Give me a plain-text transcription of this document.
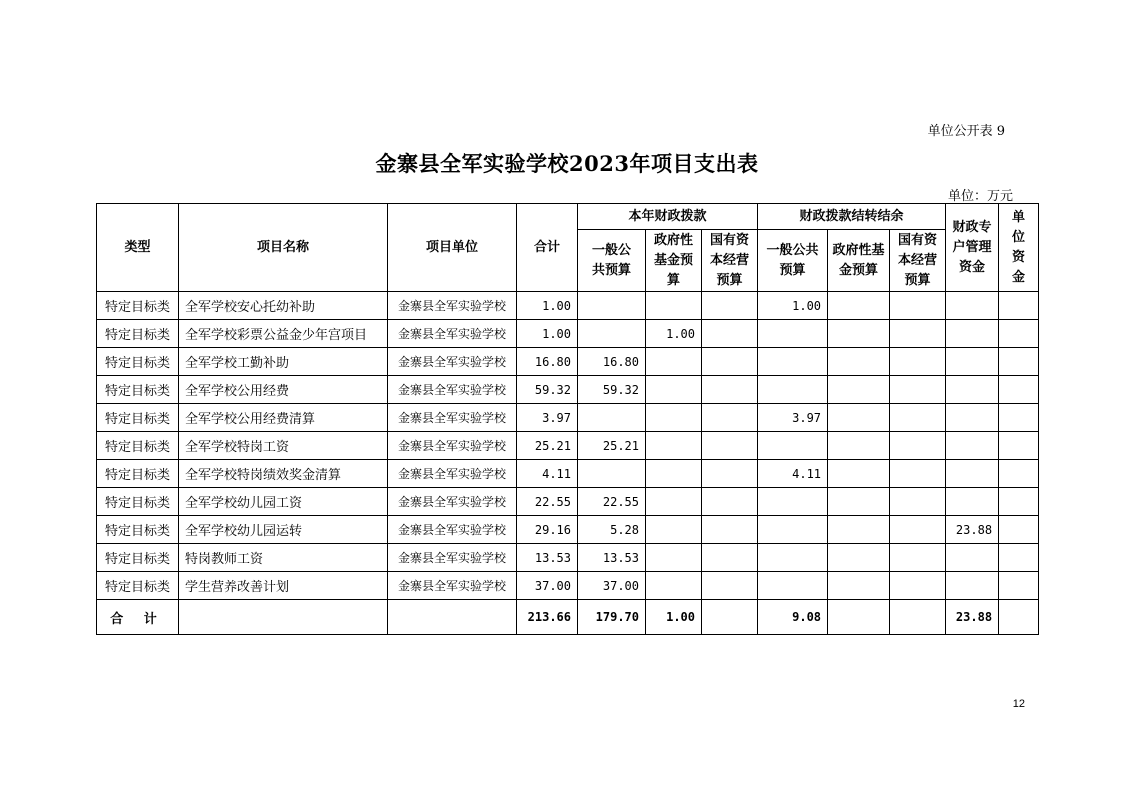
单位公开表 9
金寨县全军实验学校2023年项目支出表
单位：万元
类型	项目名称	项目单位	合计	本年财政拨款			财政拨款结转结余			财政专户管理资金	单位资金
				一般公共预算	政府性基金预算	国有资本经营预算	一般公共预算	政府性基金预算	国有资本经营预算		
特定目标类	全军学校安心托幼补助	金寨县全军实验学校	1.00				1.00				
特定目标类	全军学校彩票公益金少年宫项目	金寨县全军实验学校	1.00		1.00						
特定目标类	全军学校工勤补助	金寨县全军实验学校	16.80	16.80							
特定目标类	全军学校公用经费	金寨县全军实验学校	59.32	59.32							
特定目标类	全军学校公用经费清算	金寨县全军实验学校	3.97				3.97				
特定目标类	全军学校特岗工资	金寨县全军实验学校	25.21	25.21							
特定目标类	全军学校特岗绩效奖金清算	金寨县全军实验学校	4.11				4.11				
特定目标类	全军学校幼儿园工资	金寨县全军实验学校	22.55	22.55							
特定目标类	全军学校幼儿园运转	金寨县全军实验学校	29.16	5.28						23.88	
特定目标类	特岗教师工资	金寨县全军实验学校	13.53	13.53							
特定目标类	学生营养改善计划	金寨县全军实验学校	37.00	37.00							
合 计			213.66	179.70	1.00		9.08			23.88	
12
